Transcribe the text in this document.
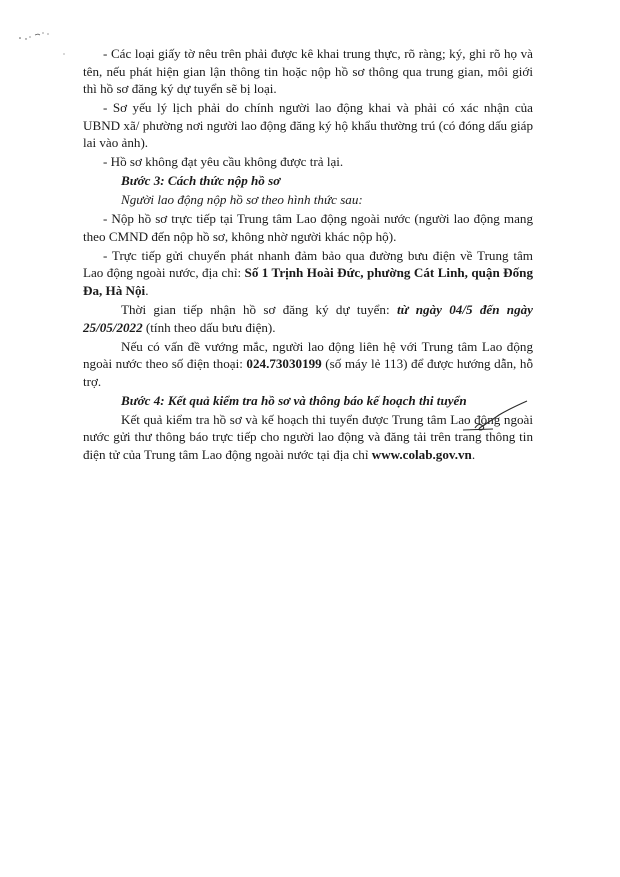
- Các loại giấy tờ nêu trên phải được kê khai trung thực, rõ ràng; ký, ghi rõ họ và tên, nếu phát hiện gian lận thông tin hoặc nộp hồ sơ thông qua trung gian, môi giới thì hồ sơ đăng ký dự tuyển sẽ bị loại.

- Sơ yếu lý lịch phải do chính người lao động khai và phải có xác nhận của UBND xã/ phường nơi người lao động đăng ký hộ khẩu thường trú (có đóng dấu giáp lai vào ảnh).

- Hồ sơ không đạt yêu cầu không được trả lại.

Bước 3: Cách thức nộp hồ sơ

Người lao động nộp hồ sơ theo hình thức sau:

- Nộp hồ sơ trực tiếp tại Trung tâm Lao động ngoài nước (người lao động mang theo CMND đến nộp hồ sơ, không nhờ người khác nộp hộ).

- Trực tiếp gửi chuyển phát nhanh đảm bảo qua đường bưu điện về Trung tâm Lao động ngoài nước, địa chỉ: Số 1 Trịnh Hoài Đức, phường Cát Linh, quận Đống Đa, Hà Nội.

Thời gian tiếp nhận hồ sơ đăng ký dự tuyển: từ ngày 04/5 đến ngày 25/05/2022 (tính theo dấu bưu điện).

Nếu có vấn đề vướng mắc, người lao động liên hệ với Trung tâm Lao động ngoài nước theo số điện thoại: 024.73030199 (số máy lẻ 113) để được hướng dẫn, hỗ trợ.

Bước 4: Kết quả kiểm tra hồ sơ và thông báo kế hoạch thi tuyển

Kết quả kiểm tra hồ sơ và kế hoạch thi tuyển được Trung tâm Lao động ngoài nước gửi thư thông báo trực tiếp cho người lao động và đăng tải trên trang thông tin điện tử của Trung tâm Lao động ngoài nước tại địa chỉ www.colab.gov.vn.
